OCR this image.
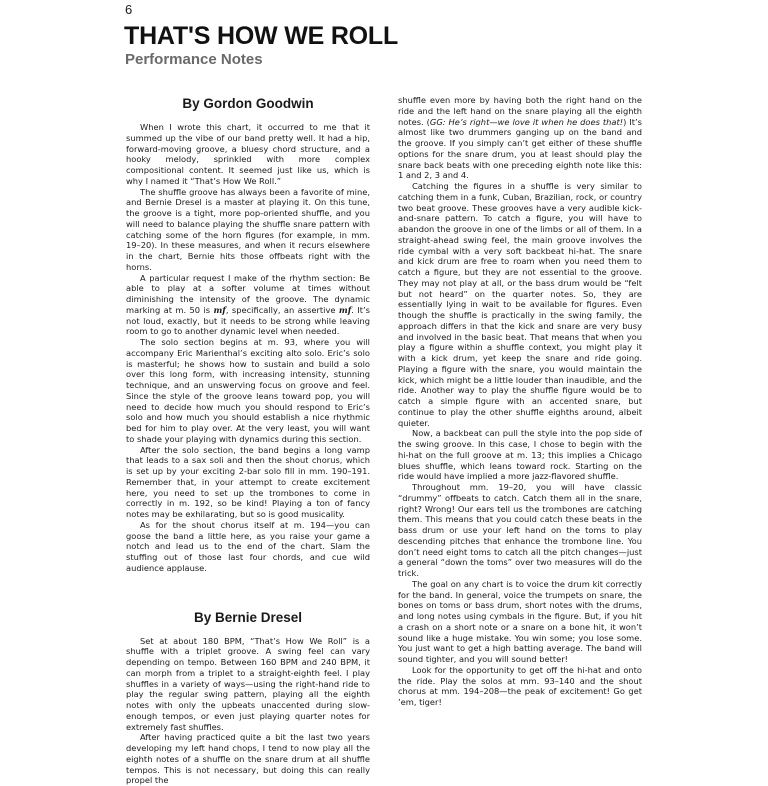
6
THAT'S HOW WE ROLL
Performance Notes
By Gordon Goodwin

When I wrote this chart, it occurred to me that it summed up the vibe of our band pretty well. It had a hip, forward-moving groove, a bluesy chord structure, and a hooky melody, sprinkled with more complex compositional content. It seemed just like us, which is why I named it “That’s How We Roll.”

The shuffle groove has always been a favorite of mine, and Bernie Dresel is a master at playing it. On this tune, the groove is a tight, more pop-oriented shuffle, and you will need to balance playing the shuffle snare pattern with catching some of the horn figures (for example, in mm. 19–20). In these measures, and when it recurs elsewhere in the chart, Bernie hits those offbeats right with the horns.

A particular request I make of the rhythm section: Be able to play at a softer volume at times without diminishing the intensity of the groove. The dynamic marking at m. 50 is mf, specifically, an assertive mf. It’s not loud, exactly, but it needs to be strong while leaving room to go to another dynamic level when needed.

The solo section begins at m. 93, where you will accompany Eric Marienthal’s exciting alto solo. Eric’s solo is masterful; he shows how to sustain and build a solo over this long form, with increasing intensity, stunning technique, and an unswerving focus on groove and feel. Since the style of the groove leans toward pop, you will need to decide how much you should respond to Eric’s solo and how much you should establish a nice rhythmic bed for him to play over. At the very least, you will want to shade your playing with dynamics during this section.

After the solo section, the band begins a long vamp that leads to a sax soli and then the shout chorus, which is set up by your exciting 2-bar solo fill in mm. 190–191. Remember that, in your attempt to create excitement here, you need to set up the trombones to come in correctly in m. 192, so be kind! Playing a ton of fancy notes may be exhilarating, but so is good musicality.

As for the shout chorus itself at m. 194—you can goose the band a little here, as you raise your game a notch and lead us to the end of the chart. Slam the stuffing out of those last four chords, and cue wild audience applause.

By Bernie Dresel

Set at about 180 BPM, “That’s How We Roll” is a shuffle with a triplet groove. A swing feel can vary depending on tempo. Between 160 BPM and 240 BPM, it can morph from a triplet to a straight-eighth feel. I play shuffles in a variety of ways—using the right-hand ride to play the regular swing pattern, playing all the eighth notes with only the upbeats unaccented during slow-enough tempos, or even just playing quarter notes for extremely fast shuffles.

After having practiced quite a bit the last two years developing my left hand chops, I tend to now play all the eighth notes of a shuffle on the snare drum at all shuffle tempos. This is not necessary, but doing this can really propel the

shuffle even more by having both the right hand on the ride and the left hand on the snare playing all the eighth notes. (GG: He’s right—we love it when he does that!) It’s almost like two drummers ganging up on the band and the groove. If you simply can’t get either of these shuffle options for the snare drum, you at least should play the snare back beats with one preceding eighth note like this: 1 and 2, 3 and 4.

Catching the figures in a shuffle is very similar to catching them in a funk, Cuban, Brazilian, rock, or country two beat groove. These grooves have a very audible kick-and-snare pattern. To catch a figure, you will have to abandon the groove in one of the limbs or all of them. In a straight-ahead swing feel, the main groove involves the ride cymbal with a very soft backbeat hi-hat. The snare and kick drum are free to roam when you need them to catch a figure, but they are not essential to the groove. They may not play at all, or the bass drum would be “felt but not heard” on the quarter notes. So, they are essentially lying in wait to be available for figures. Even though the shuffle is practically in the swing family, the approach differs in that the kick and snare are very busy and involved in the basic beat. That means that when you play a figure within a shuffle context, you might play it with a kick drum, yet keep the snare and ride going. Playing a figure with the snare, you would maintain the kick, which might be a little louder than inaudible, and the ride. Another way to play the shuffle figure would be to catch a simple figure with an accented snare, but continue to play the other shuffle eighths around, albeit quieter.

Now, a backbeat can pull the style into the pop side of the swing groove. In this case, I chose to begin with the hi-hat on the full groove at m. 13; this implies a Chicago blues shuffle, which leans toward rock. Starting on the ride would have implied a more jazz-flavored shuffle.

Throughout mm. 19–20, you will have classic “drummy” offbeats to catch. Catch them all in the snare, right? Wrong! Our ears tell us the trombones are catching them. This means that you could catch these beats in the bass drum or use your left hand on the toms to play descending pitches that enhance the trombone line. You don’t need eight toms to catch all the pitch changes—just a general “down the toms” over two measures will do the trick.

The goal on any chart is to voice the drum kit correctly for the band. In general, voice the trumpets on snare, the bones on toms or bass drum, short notes with the drums, and long notes using cymbals in the figure. But, if you hit a crash on a short note or a snare on a bone hit, it won’t sound like a huge mistake. You win some; you lose some. You just want to get a high batting average. The band will sound tighter, and you will sound better!

Look for the opportunity to get off the hi-hat and onto the ride. Play the solos at mm. 93–140 and the shout chorus at mm. 194–208—the peak of excitement! Go get ’em, tiger!
